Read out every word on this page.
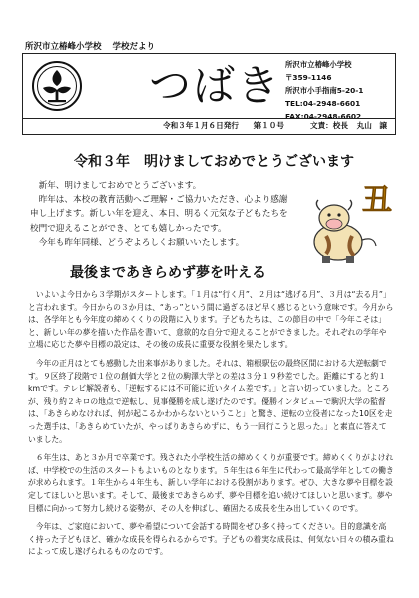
所沢市立椿峰小学校 学校だより
つばき 所沢市立椿峰小学校
〒359-1146
所沢市小手指南5-20-1
TEL:04-2948-6601
FAX:04-2948-6602
令和３年１月６日発行 第１０号	文責：校長 丸山　譲
令和３年　明けましておめでとうございます

新年、明けましておめでとうございます。

昨年は、本校の教育活動へご理解・ご協力いただき、心より感謝申し上げます。新しい年を迎え、本日、明るく元気な子どもたちを校門で迎えることができ、とても嬉しかったです。

今年も昨年同様、どうぞよろしくお願いいたします。

丑
最後まであきらめず夢を叶える

いよいよ今日から３学期がスタートします。「１月は“行く月”、２月は“逃げる月”、３月は“去る月”」と言われます。今日からの３か月は、“あっ”という間に過ぎるほど早く感じるという意味です。今月からは、各学年とも今年度の締めくくりの段階に入ります。子どもたちは、この節目の中で「今年こそは」と、新しい年の夢を描いた作品を書いて、意欲的な自分で迎えることができました。それぞれの学年や立場に応じた夢や目標の設定は、その後の成長に重要な役割を果たします。

今年の正月はとても感動した出来事がありました。それは、箱根駅伝の最終区間における大逆転劇です。９区終了段階で１位の創価大学と２位の駒澤大学との差は３分１９秒差でした。距離にすると約１kmです。テレビ解説者も、「逆転するには不可能に近いタイム差です。」と言い切っていました。ところが、残り約２キロの地点で逆転し、見事優勝を成し遂げたのです。優勝インタビューで駒沢大学の監督は、「あきらめなければ、何が起こるかわからないということ」と驚き、逆転の立役者になった10区を走った選手は、「あきらめていたが、やっぱりあきらめずに、もう一回行こうと思った。」と素直に答えていました。

６年生は、あと３か月で卒業です。残された小学校生活の締めくくりが重要です。締めくくりがよければ、中学校での生活のスタートもよいものとなります。５年生は６年生に代わって最高学年としての働きが求められます。１年生から４年生も、新しい学年における役割があります。ぜひ、大きな夢や目標を設定してほしいと思います。そして、最後まであきらめず、夢や目標を追い続けてほしいと思います。夢や目標に向かって努力し続ける姿勢が、その人を伸ばし、確固たる成長を生み出していくのです。

今年は、ご家庭において、夢や希望について会話する時間をぜひ多く持ってください。目的意識を高く持った子どもほど、確かな成長を得られるからです。子どもの着実な成長は、何気ない日々の積み重ねによって成し遂げられるものなのです。
